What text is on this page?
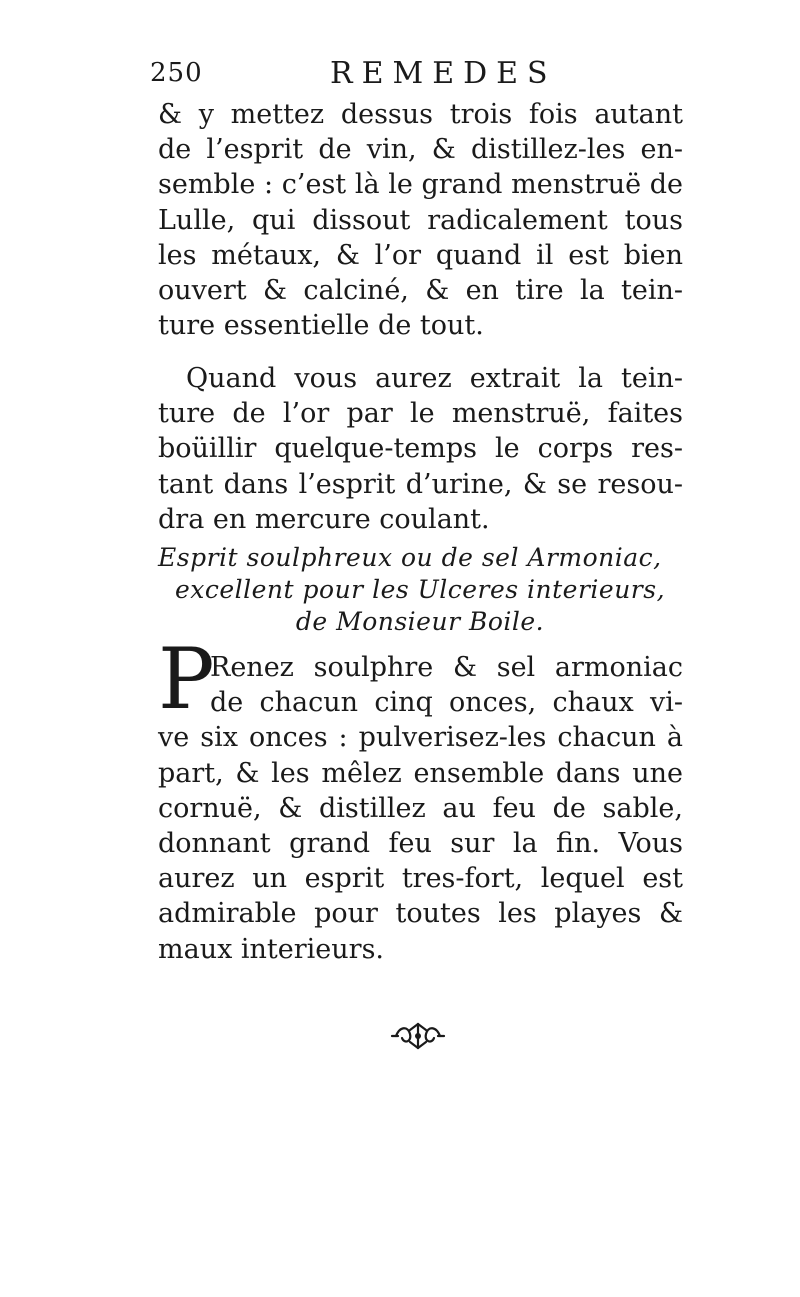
250	REMEDES
& y mettez dessus trois fois autant
de l’esprit de vin, & distillez-les en-
semble : c’est là le grand menstruë de
Lulle, qui dissout radicalement tous
les métaux, & l’or quand il est bien
ouvert & calciné, & en tire la tein-
ture essentielle de tout.
Quand vous aurez extrait la tein-
ture de l’or par le menstruë, faites
boüillir quelque-temps le corps res-
tant dans l’esprit d’urine, & se resou-
dra en mercure coulant.
Esprit soulphreux ou de sel Armoniac,
excellent pour les Ulceres interieurs,
de Monsieur Boile.
P
Renez soulphre & sel armoniac
de chacun cinq onces, chaux vi-
ve six onces : pulverisez-les chacun à
part, & les mêlez ensemble dans une
cornuë, & distillez au feu de sable,
donnant grand feu sur la fin. Vous
aurez un esprit tres-fort, lequel est
admirable pour toutes les playes &
maux interieurs.
